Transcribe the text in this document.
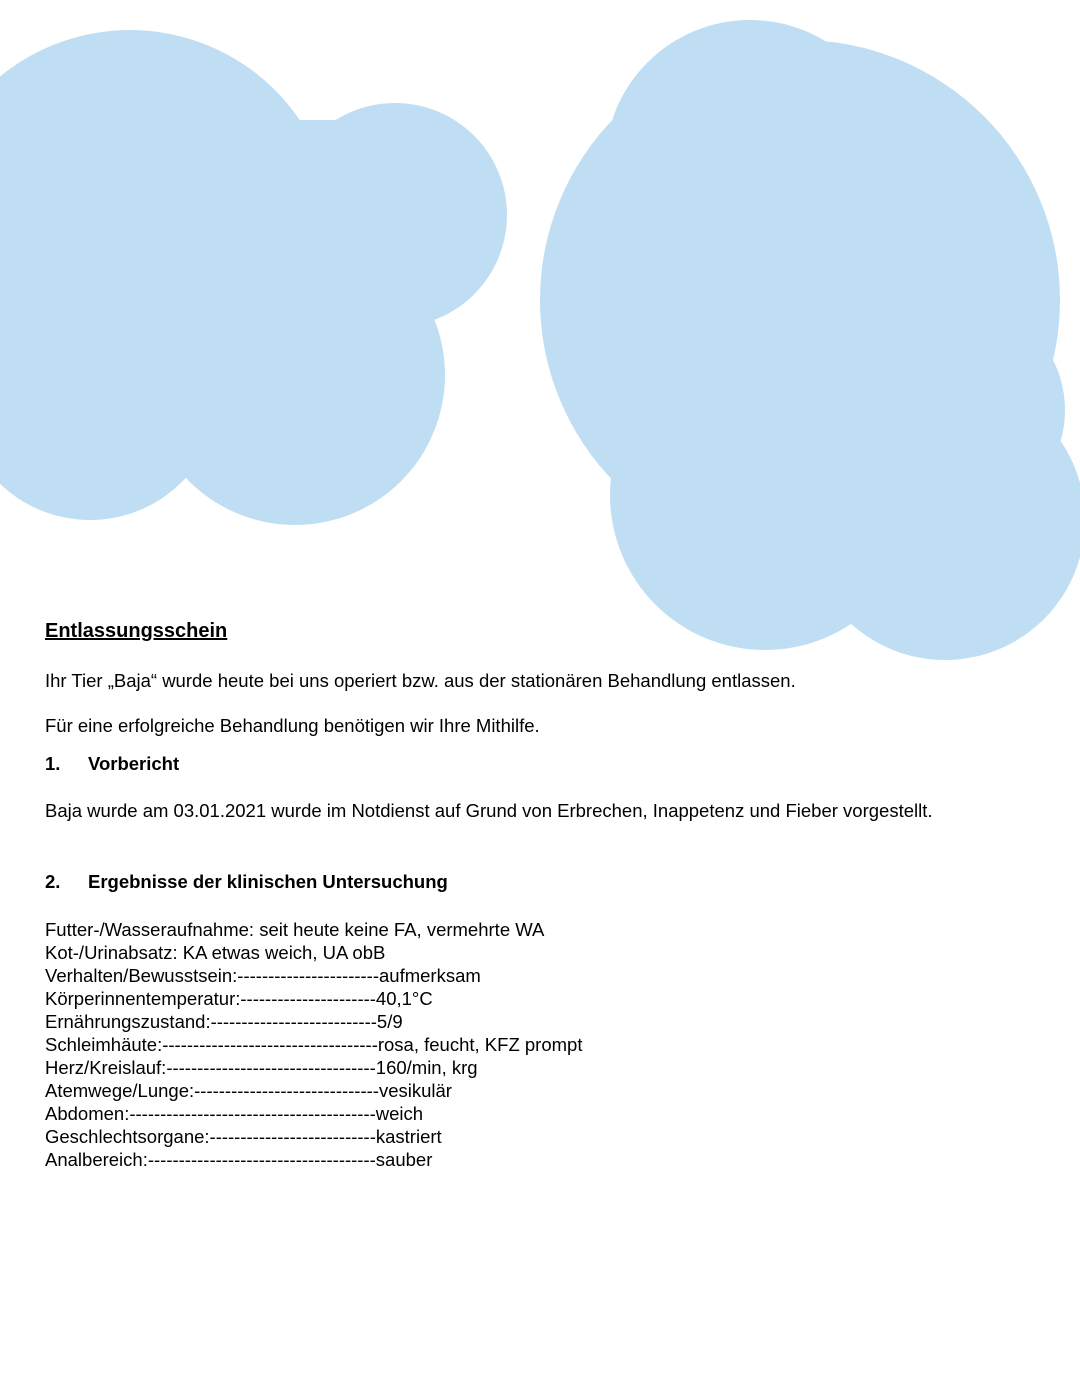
Entlassungsschein
Ihr Tier „Baja“ wurde heute bei uns operiert bzw. aus der stationären Behandlung entlassen.
Für eine erfolgreiche Behandlung benötigen wir Ihre Mithilfe.
1. Vorbericht
Baja wurde am 03.01.2021 wurde im Notdienst auf Grund von Erbrechen, Inappetenz und Fieber vorgestellt.
2. Ergebnisse der klinischen Untersuchung
Futter-/Wasseraufnahme: seit heute keine FA, vermehrte WA
Kot-/Urinabsatz: KA etwas weich, UA obB
Verhalten/Bewusstsein:-----------------------aufmerksam
Körperinnentemperatur:----------------------40,1°C
Ernährungszustand:---------------------------5/9
Schleimhäute:-----------------------------------rosa, feucht, KFZ prompt
Herz/Kreislauf:----------------------------------160/min, krg
Atemwege/Lunge:------------------------------vesikulär
Abdomen:----------------------------------------weich
Geschlechtsorgane:---------------------------kastriert
Analbereich:-------------------------------------sauber
